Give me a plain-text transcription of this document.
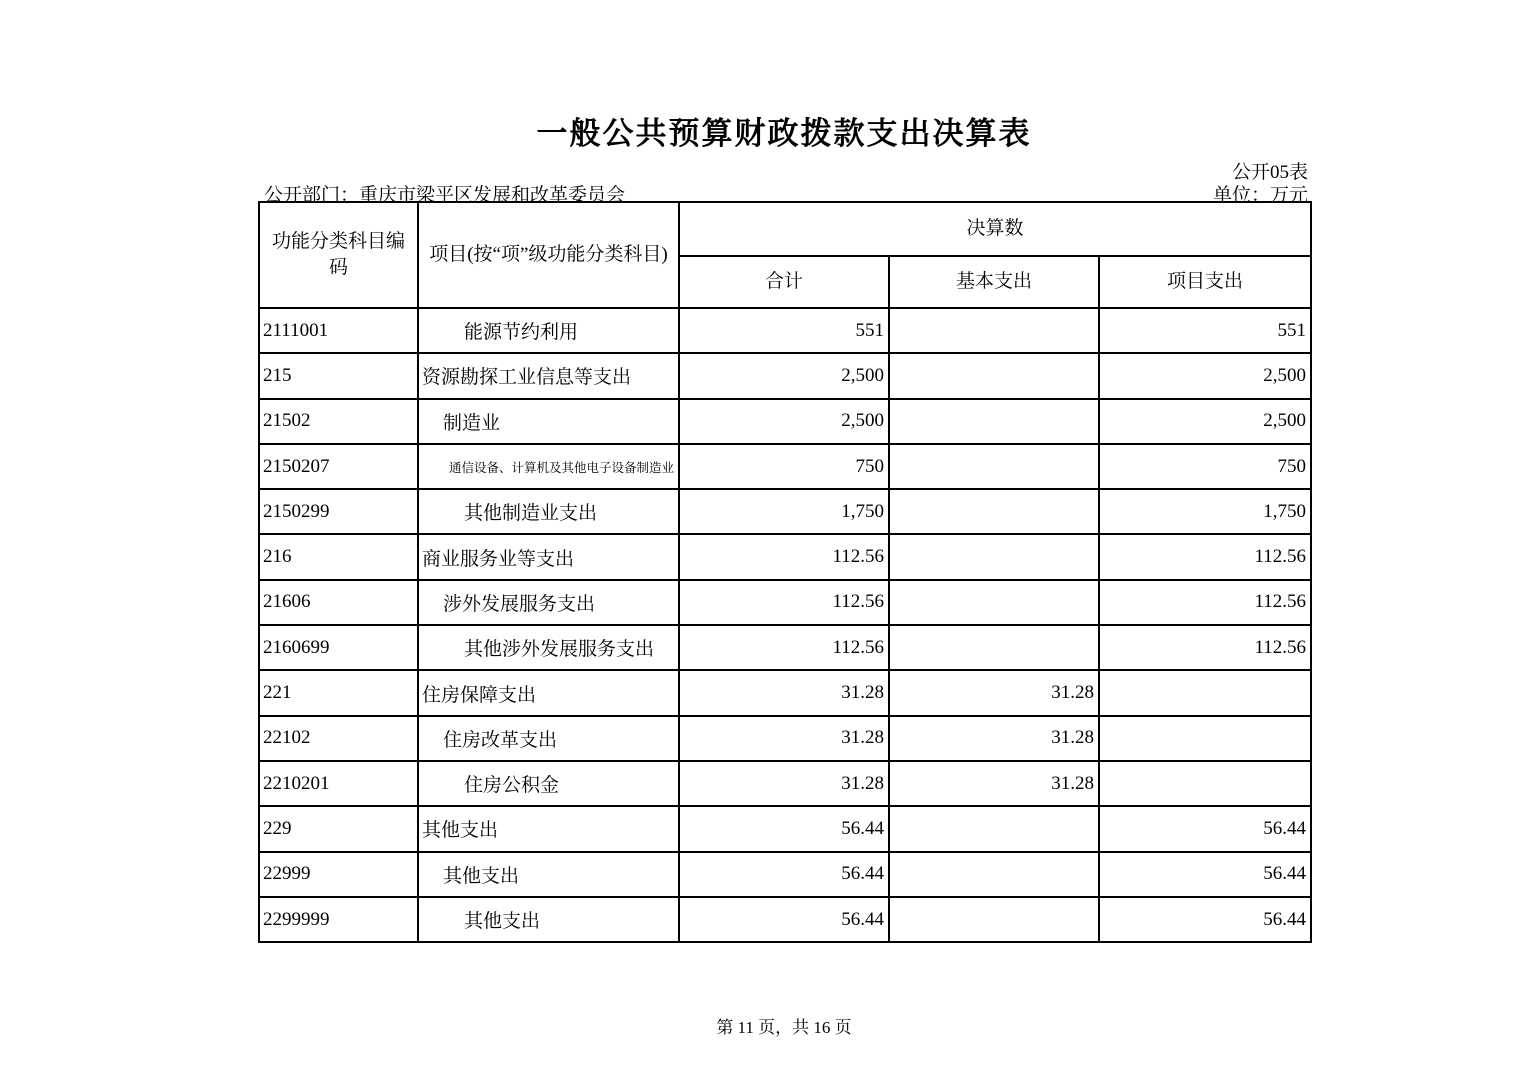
一般公共预算财政拨款支出决算表
公开05表
公开部门：重庆市梁平区发展和改革委员会	单位：万元
功能分类科目编码	项目(按“项”级功能分类科目)	决算数		
		合计	基本支出	项目支出
2111001	能源节约利用	551		551
215	资源勘探工业信息等支出	2,500		2,500
21502	制造业	2,500		2,500
2150207	通信设备、计算机及其他电子设备制造业	750		750
2150299	其他制造业支出	1,750		1,750
216	商业服务业等支出	112.56		112.56
21606	涉外发展服务支出	112.56		112.56
2160699	其他涉外发展服务支出	112.56		112.56
221	住房保障支出	31.28	31.28	
22102	住房改革支出	31.28	31.28	
2210201	住房公积金	31.28	31.28	
229	其他支出	56.44		56.44
22999	其他支出	56.44		56.44
2299999	其他支出	56.44		56.44
第 11 页，共 16 页
